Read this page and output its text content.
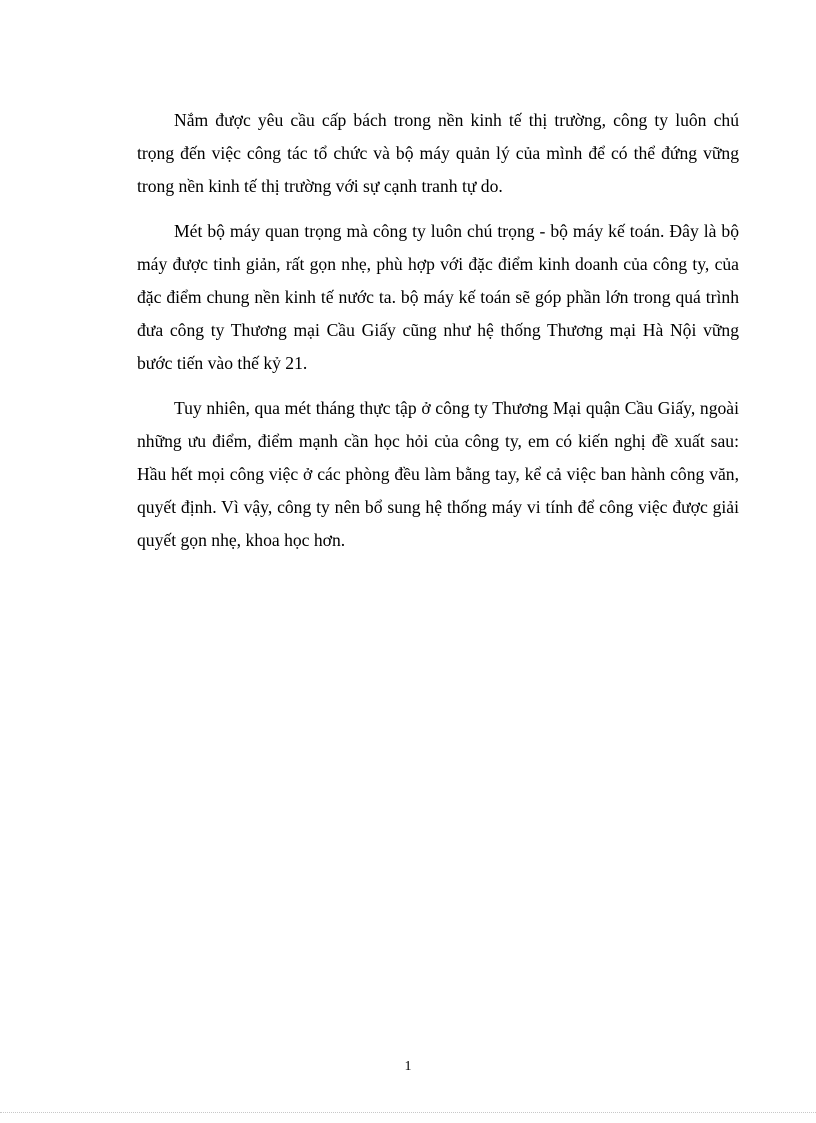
Nắm được yêu cầu cấp bách trong nền kinh tế thị trường, công ty luôn chú trọng đến việc công tác tổ chức và bộ máy quản lý của mình để có thể đứng vững trong nền kinh tế thị trường với sự cạnh tranh tự do.

Mét bộ máy quan trọng mà công ty luôn chú trọng - bộ máy kế toán. Đây là bộ máy được tinh giản, rất gọn nhẹ, phù hợp với đặc điểm kinh doanh của công ty, của đặc điểm chung nền kinh tế nước ta. bộ máy kế toán sẽ góp phần lớn trong quá trình đưa công ty Thương mại Cầu Giấy cũng như hệ thống Thương mại Hà Nội vững bước tiến vào thế kỷ 21.

Tuy nhiên, qua mét tháng thực tập ở công ty Thương Mại quận Cầu Giấy, ngoài những ưu điểm, điểm mạnh cần học hỏi của công ty, em có kiến nghị đề xuất sau: Hầu hết mọi công việc ở các phòng đều làm bằng tay, kể cả việc ban hành công văn, quyết định. Vì vậy, công ty nên bổ sung hệ thống máy vi tính để công việc được giải quyết gọn nhẹ, khoa học hơn.

1
